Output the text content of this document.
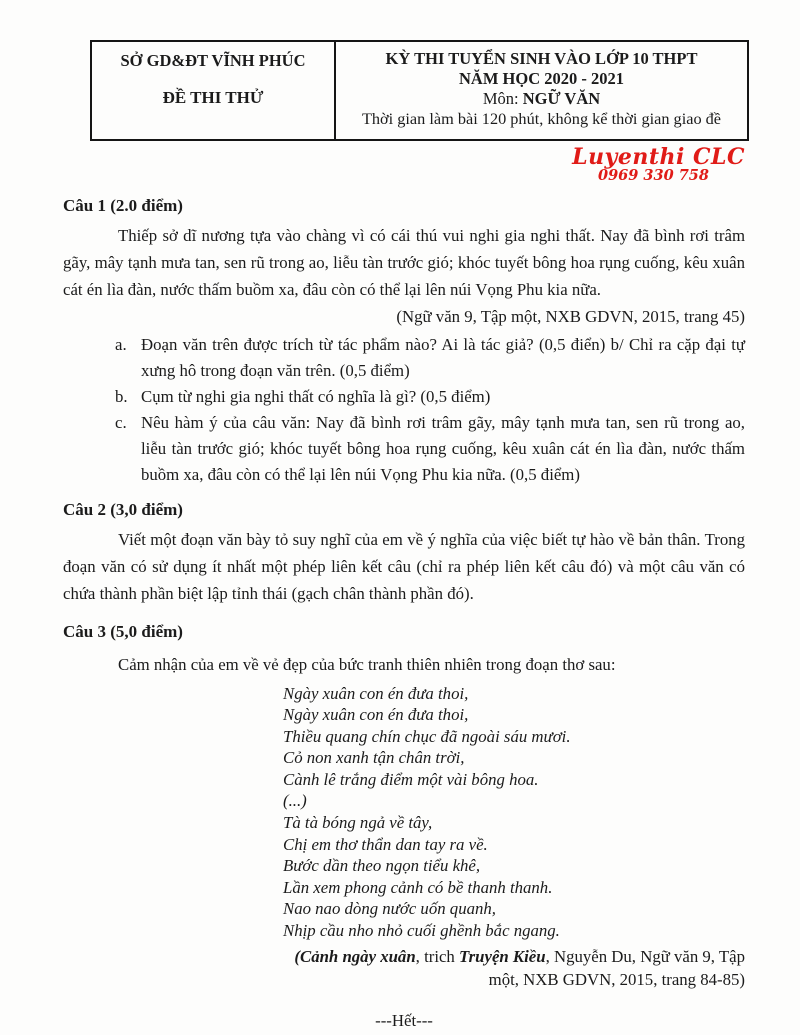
SỞ GD&ĐT VĨNH PHÚC
ĐỀ THI THỬ
KỲ THI TUYỂN SINH VÀO LỚP 10 THPT
NĂM HỌC 2020 - 2021
Môn: NGỮ VĂN
Thời gian làm bài 120 phút, không kể thời gian giao đề
Luyenthi CLC
0969 330 758
Câu 1 (2.0 điểm)
Thiếp sở dĩ nương tựa vào chàng vì có cái thú vui nghi gia nghi thất. Nay đã bình rơi trâm gãy, mây tạnh mưa tan, sen rũ trong ao, liễu tàn trước gió; khóc tuyết bông hoa rụng cuống, kêu xuân cát én lìa đàn, nước thấm buồm xa, đâu còn có thể lại lên núi Vọng Phu kia nữa.
(Ngữ văn 9, Tập một, NXB GDVN, 2015, trang 45)
a. Đoạn văn trên được trích từ tác phẩm nào? Ai là tác giả? (0,5 điển) b/ Chỉ ra cặp đại tự xưng hô trong đoạn văn trên. (0,5 điểm)
b. Cụm từ nghi gia nghi thất có nghĩa là gì? (0,5 điểm)
c. Nêu hàm ý của câu văn: Nay đã bình rơi trâm gãy, mây tạnh mưa tan, sen rũ trong ao, liễu tàn trước gió; khóc tuyết bông hoa rụng cuống, kêu xuân cát én lìa đàn, nước thấm buồm xa, đâu còn có thể lại lên núi Vọng Phu kia nữa. (0,5 điểm)
Câu 2 (3,0 điểm)
Viết một đoạn văn bày tỏ suy nghĩ của em về ý nghĩa của việc biết tự hào về bản thân. Trong đoạn văn có sử dụng ít nhất một phép liên kết câu (chỉ ra phép liên kết câu đó) và một câu văn có chứa thành phần biệt lập tỉnh thái (gạch chân thành phần đó).
Câu 3 (5,0 điểm)
Cảm nhận của em về vẻ đẹp của bức tranh thiên nhiên trong đoạn thơ sau:
Ngày xuân con én đưa thoi,
Ngày xuân con én đưa thoi,
Thiều quang chín chục đã ngoài sáu mươi.
Cỏ non xanh tận chân trời,
Cành lê trắng điểm một vài bông hoa.
(...)
Tà tà bóng ngả về tây,
Chị em thơ thẩn dan tay ra về.
Bước dần theo ngọn tiểu khê,
Lần xem phong cảnh có bề thanh thanh.
Nao nao dòng nước uốn quanh,
Nhịp cầu nho nhỏ cuối ghềnh bắc ngang.
(Cảnh ngày xuân, trich Truyện Kiều, Nguyễn Du, Ngữ văn 9, Tập một, NXB GDVN, 2015, trang 84-85)
---Hết---
